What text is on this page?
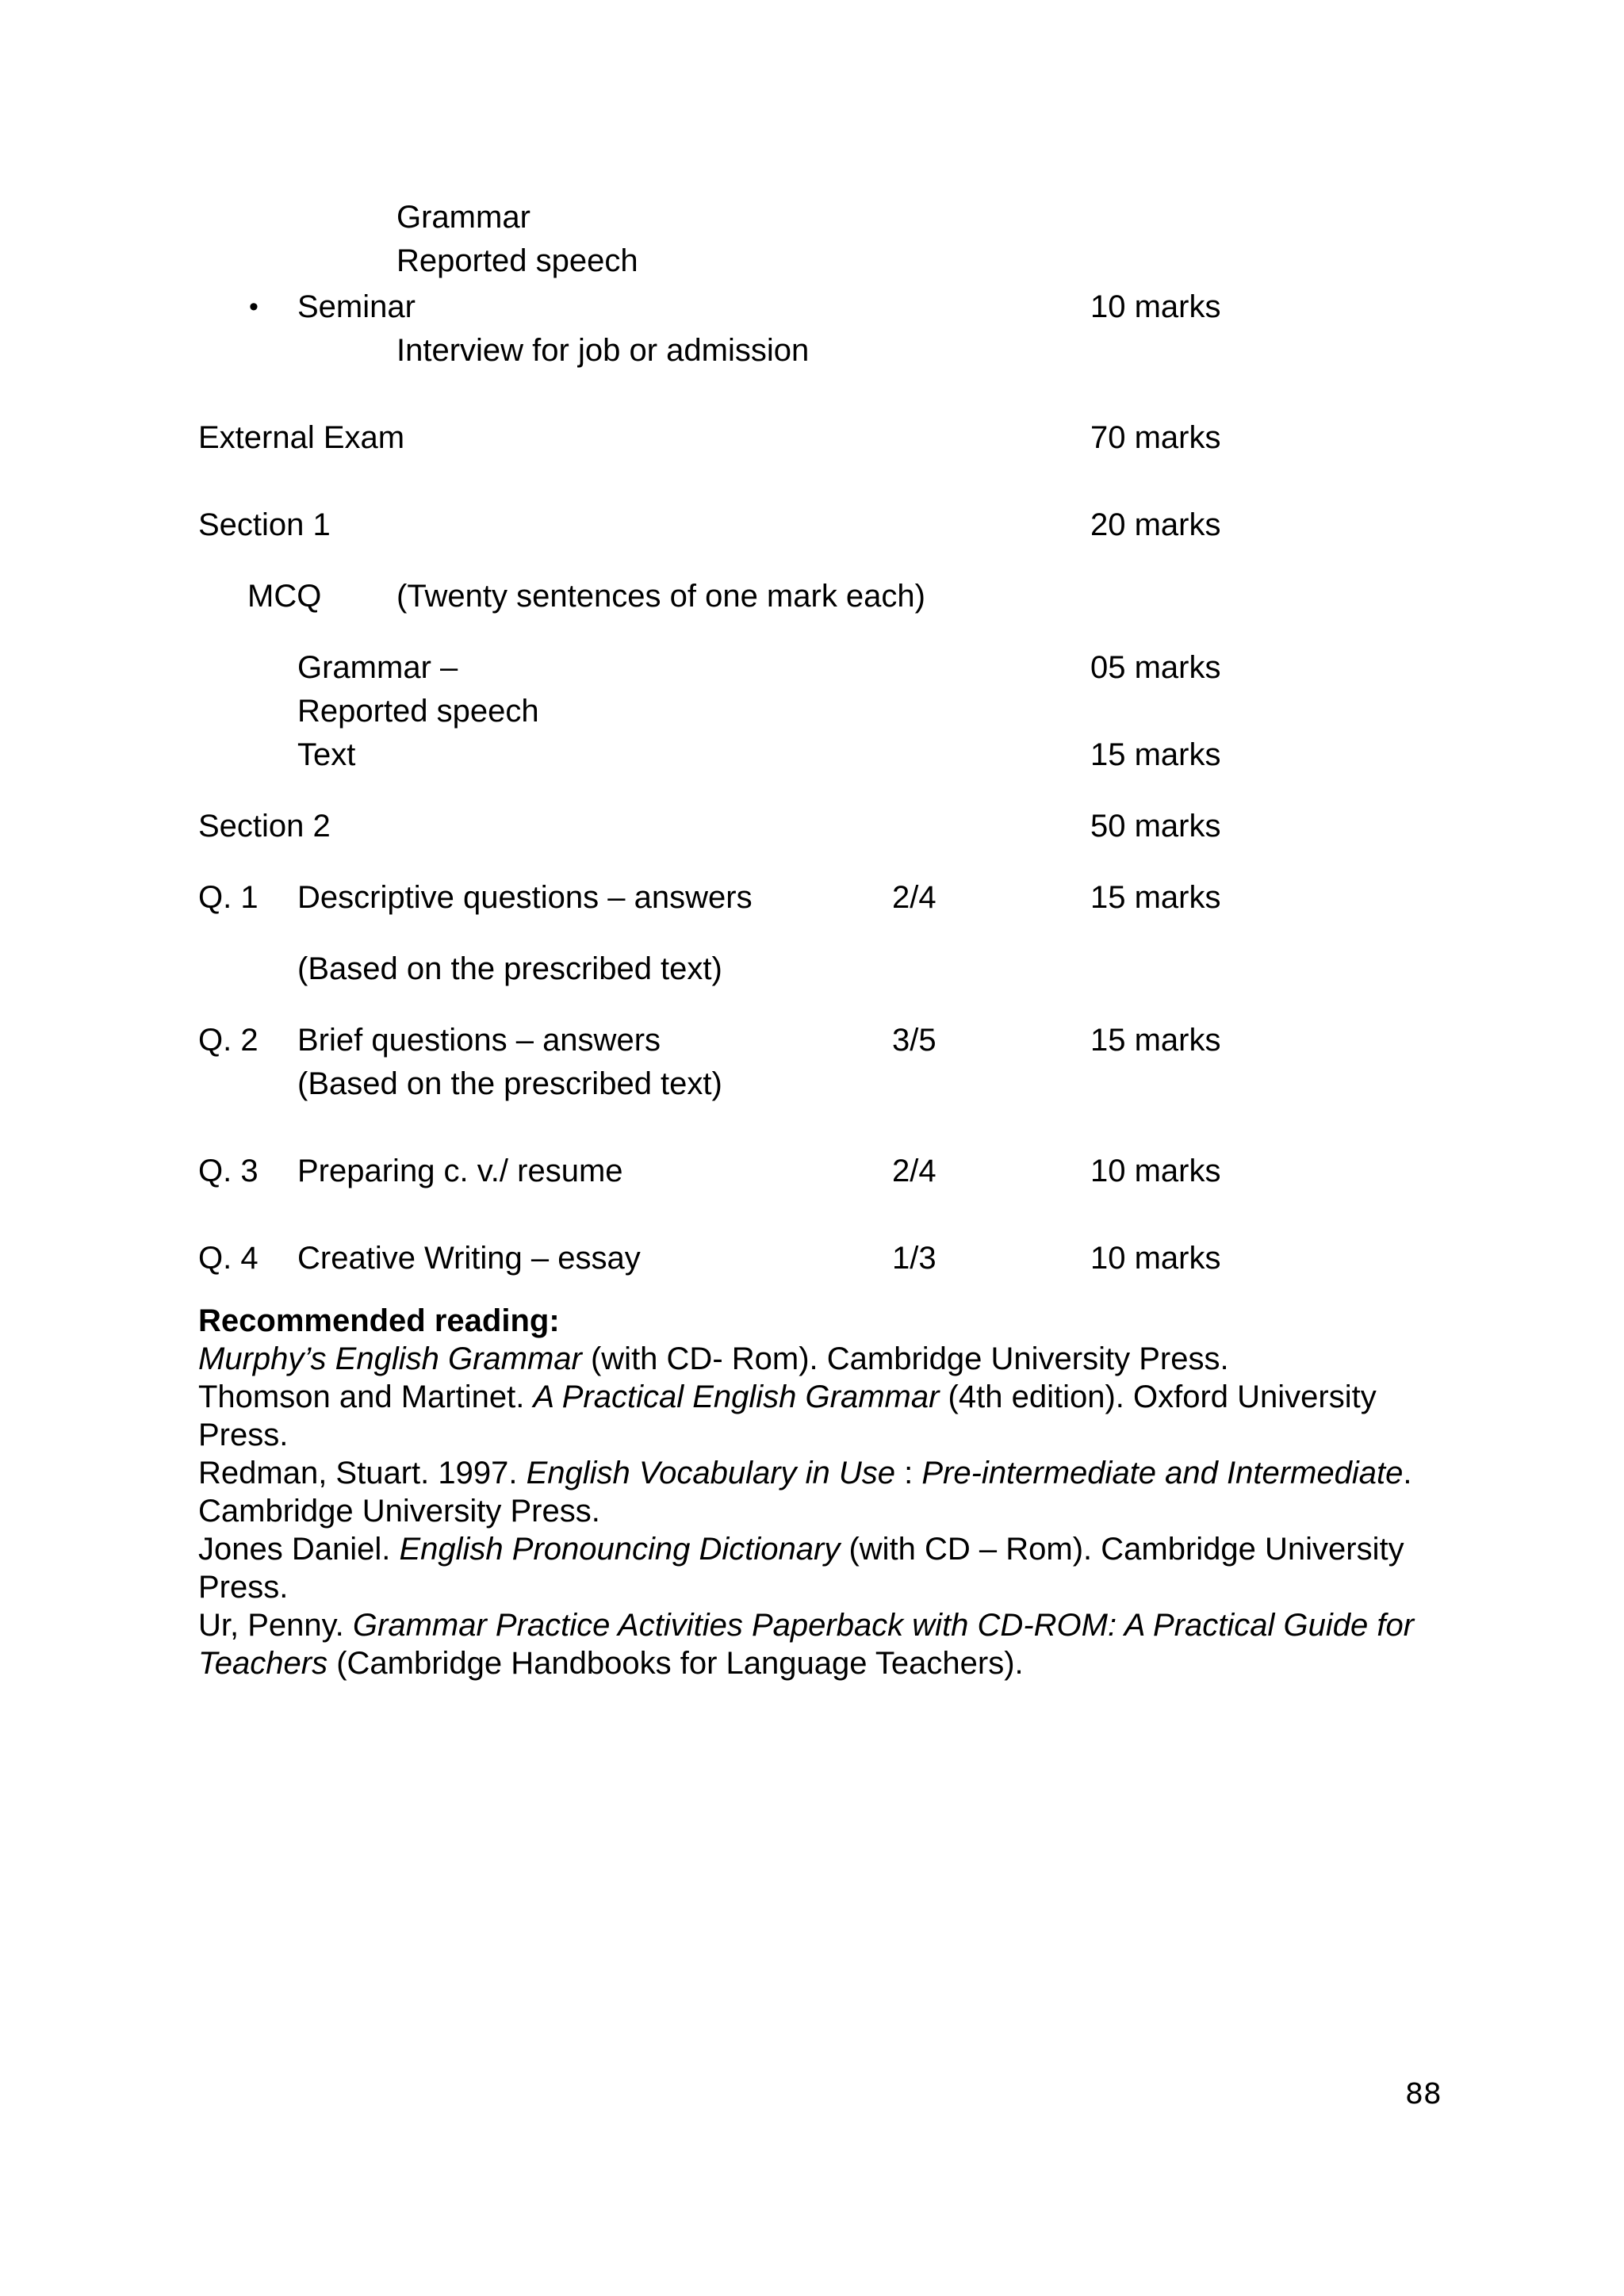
Grammar
Reported speech
• Seminar	10 marks
Interview for job or admission
External Exam	70 marks
Section 1	20 marks
MCQ (Twenty sentences of one mark each)
Grammar –	05 marks
Reported speech
Text	15 marks
Section 2	50 marks
Q. 1 Descriptive questions – answers	2/4	15 marks
(Based on the prescribed text)
Q. 2 Brief questions – answers	3/5	15 marks
(Based on the prescribed text)
Q. 3 Preparing c. v./ resume	2/4	10 marks
Q. 4 Creative Writing – essay	1/3	10 marks

Recommended reading:

Murphy’s English Grammar (with CD- Rom). Cambridge University Press.

Thomson and Martinet. A Practical English Grammar (4th edition). Oxford University Press.

Redman, Stuart. 1997. English Vocabulary in Use : Pre-intermediate and Intermediate. Cambridge University Press.

Jones Daniel. English Pronouncing Dictionary (with CD – Rom). Cambridge University Press.

Ur, Penny. Grammar Practice Activities Paperback with CD-ROM: A Practical Guide for Teachers (Cambridge Handbooks for Language Teachers).

88
